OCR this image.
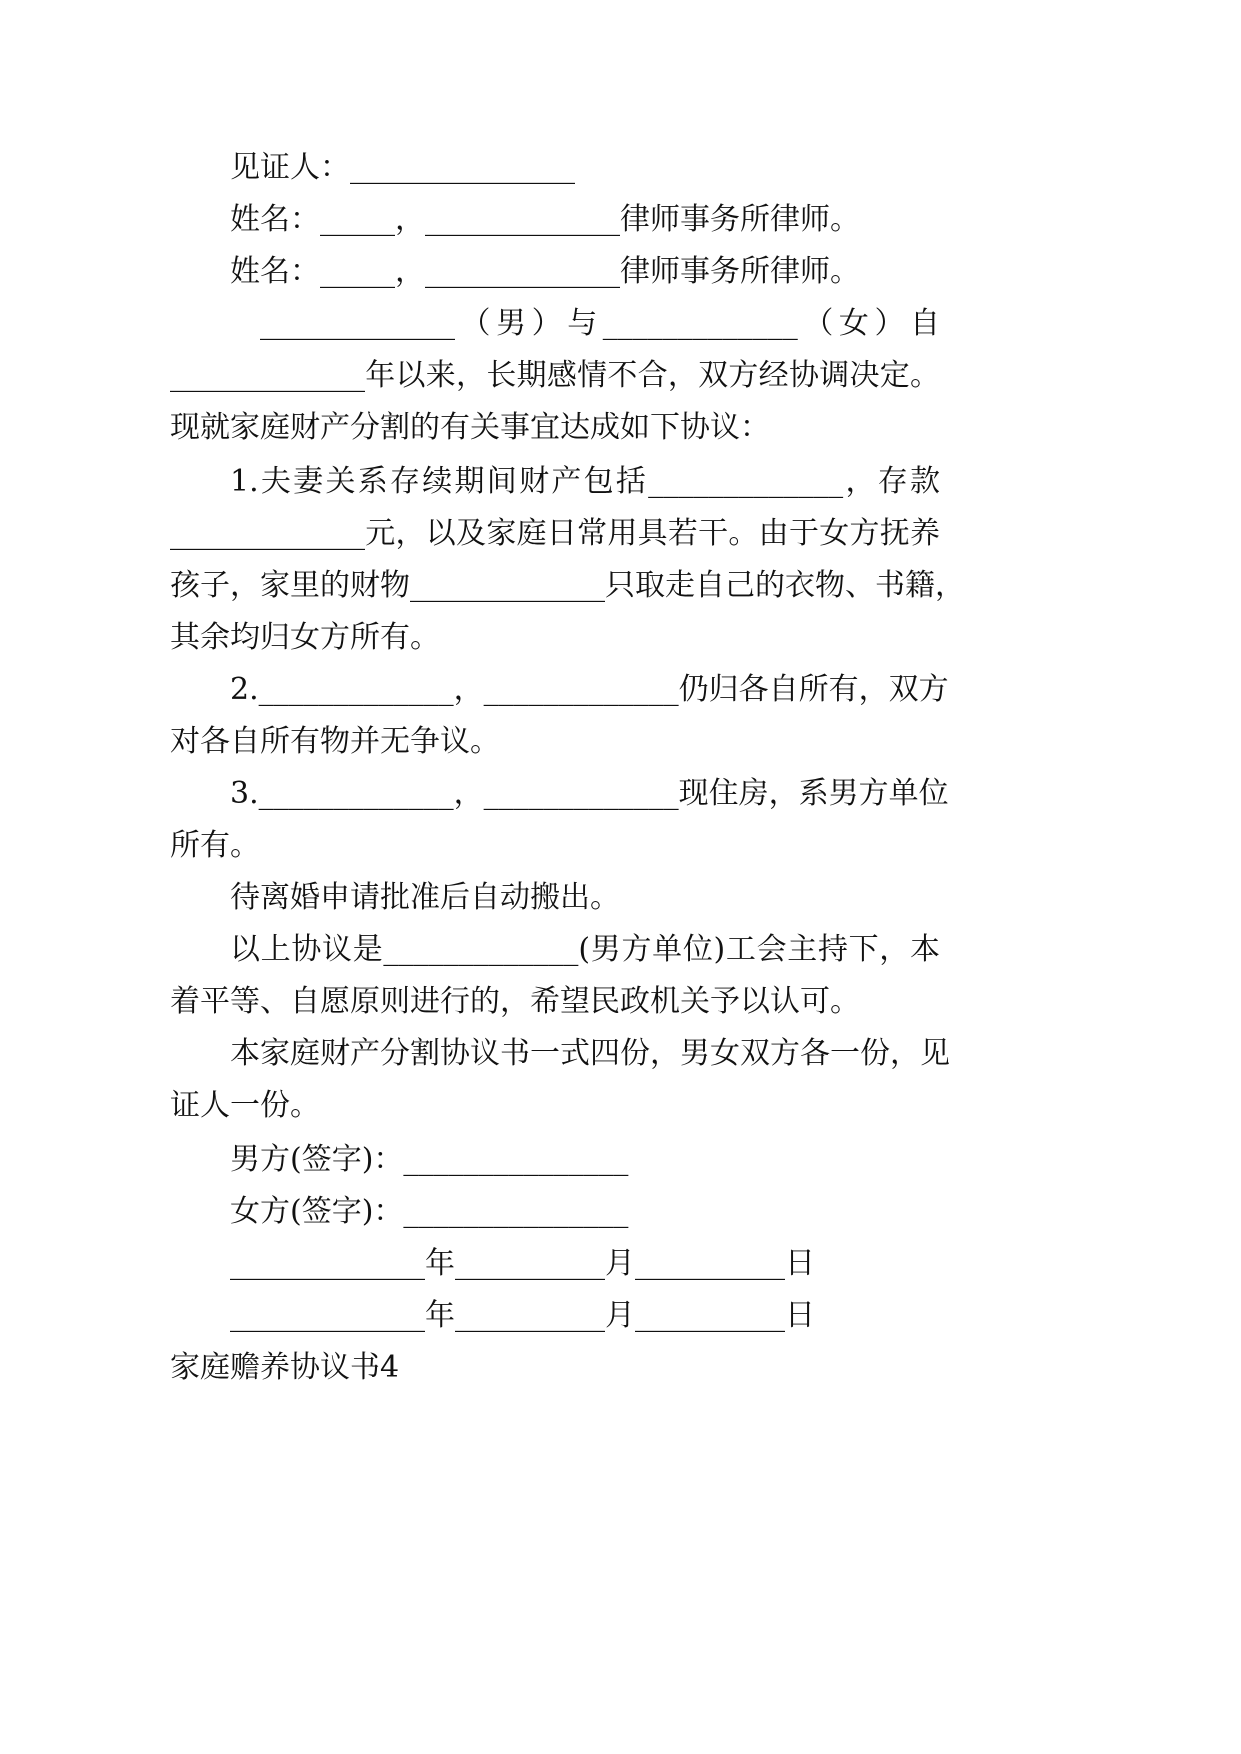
见证人：_______________
姓名：_____，_____________律师事务所律师。
姓名：_____，_____________律师事务所律师。
_____________（男）与_____________（女）自
_____________年以来，长期感情不合，双方经协调决定。
现就家庭财产分割的有关事宜达成如下协议：
1.夫妻关系存续期间财产包括_____________，存款
_____________元，以及家庭日常用具若干。由于女方抚养
孩子，家里的财物_____________只取走自己的衣物、书籍，
其余均归女方所有。
2._____________，_____________仍归各自所有，双方
对各自所有物并无争议。
3._____________，_____________现住房，系男方单位
所有。
待离婚申请批准后自动搬出。
以上协议是_____________(男方单位)工会主持下，本
着平等、自愿原则进行的，希望民政机关予以认可。
本家庭财产分割协议书一式四份，男女双方各一份，见
证人一份。
男方(签字)：_______________
女方(签字)：_______________
_____________年__________月__________日
_____________年__________月__________日
家庭赡养协议书4
